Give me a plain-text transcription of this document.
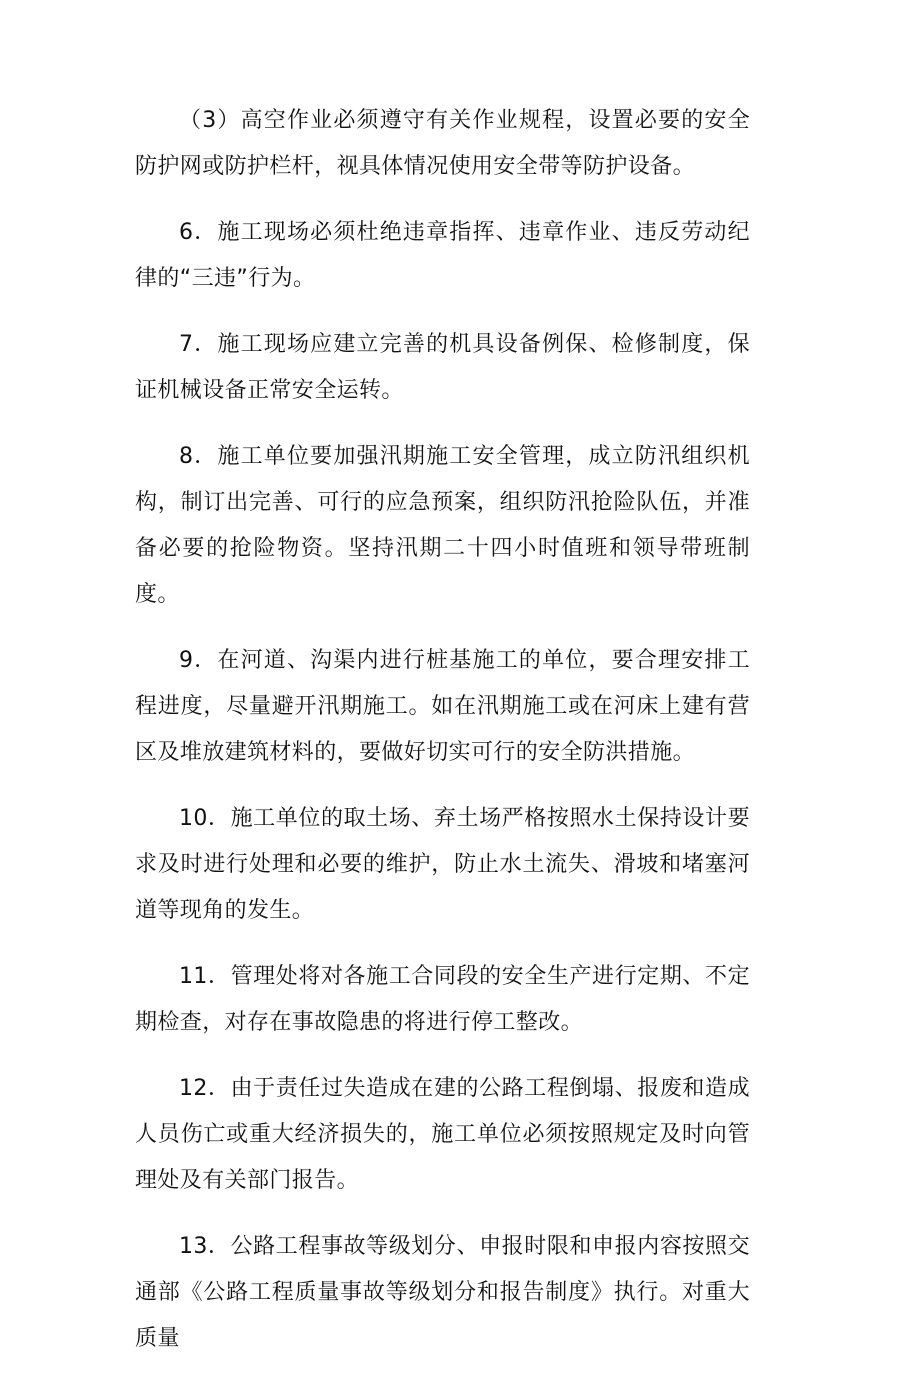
（3）高空作业必须遵守有关作业规程，设置必要的安全防护网或防护栏杆，视具体情况使用安全带等防护设备。

6．施工现场必须杜绝违章指挥、违章作业、违反劳动纪律的“三违”行为。

7．施工现场应建立完善的机具设备例保、检修制度，保证机械设备正常安全运转。

8．施工单位要加强汛期施工安全管理，成立防汛组织机构，制订出完善、可行的应急预案，组织防汛抢险队伍，并准备必要的抢险物资。坚持汛期二十四小时值班和领导带班制度。

9．在河道、沟渠内进行桩基施工的单位，要合理安排工程进度，尽量避开汛期施工。如在汛期施工或在河床上建有营区及堆放建筑材料的，要做好切实可行的安全防洪措施。

10．施工单位的取土场、弃土场严格按照水土保持设计要求及时进行处理和必要的维护，防止水土流失、滑坡和堵塞河道等现角的发生。

11．管理处将对各施工合同段的安全生产进行定期、不定期检查，对存在事故隐患的将进行停工整改。

12．由于责任过失造成在建的公路工程倒塌、报废和造成人员伤亡或重大经济损失的，施工单位必须按照规定及时向管理处及有关部门报告。

13．公路工程事故等级划分、申报时限和申报内容按照交通部《公路工程质量事故等级划分和报告制度》执行。对重大质量
